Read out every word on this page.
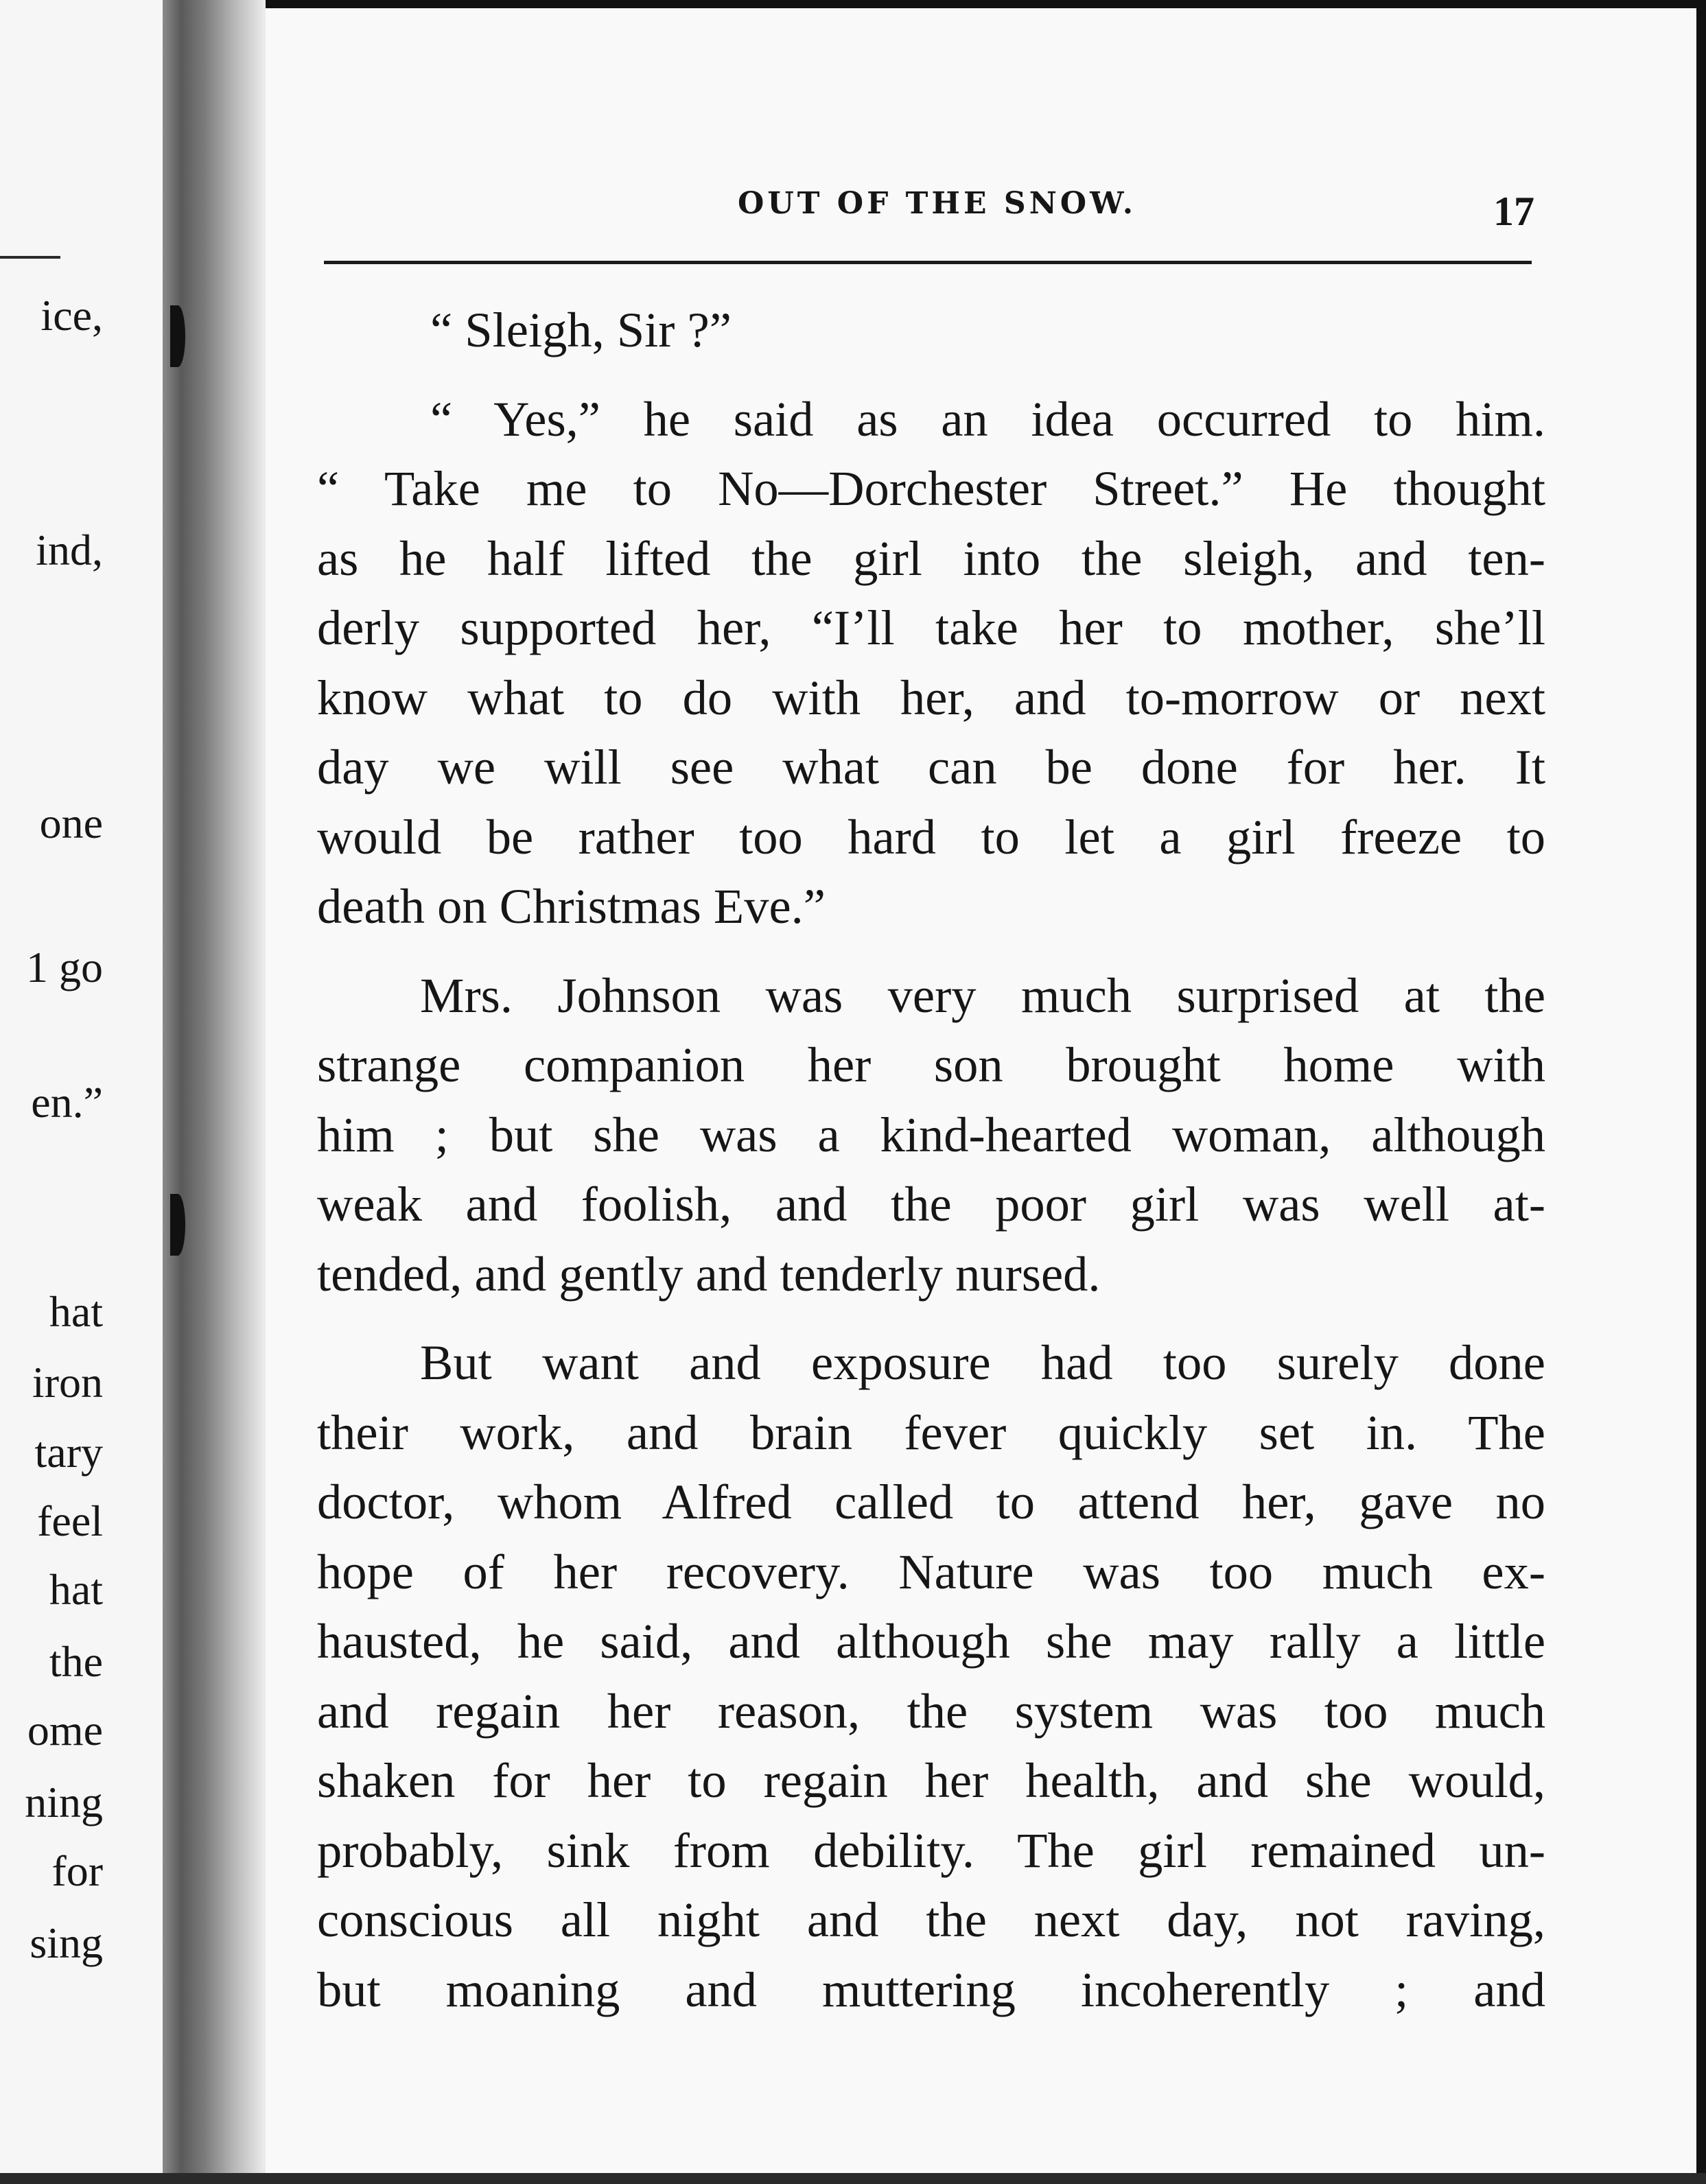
ice,
ind,
one
1 go
en.”
hat
iron
tary
feel
hat
the
ome
ning
for
sing
OUT OF THE SNOW.	17
“ Sleigh, Sir ?”
“ Yes,” he said as an idea occurred to him.
“ Take me to No—Dorchester Street.” He thought
as he half lifted the girl into the sleigh, and ten-
derly supported her, “I’ll take her to mother, she’ll
know what to do with her, and to-morrow or next
day we will see what can be done for her. It
would be rather too hard to let a girl freeze to
death on Christmas Eve.”
Mrs. Johnson was very much surprised at the
strange companion her son brought home with
him ; but she was a kind-hearted woman, although
weak and foolish, and the poor girl was well at-
tended, and gently and tenderly nursed.
But want and exposure had too surely done
their work, and brain fever quickly set in. The
doctor, whom Alfred called to attend her, gave no
hope of her recovery. Nature was too much ex-
hausted, he said, and although she may rally a little
and regain her reason, the system was too much
shaken for her to regain her health, and she would,
probably, sink from debility. The girl remained un-
conscious all night and the next day, not raving,
but moaning and muttering incoherently ; and
